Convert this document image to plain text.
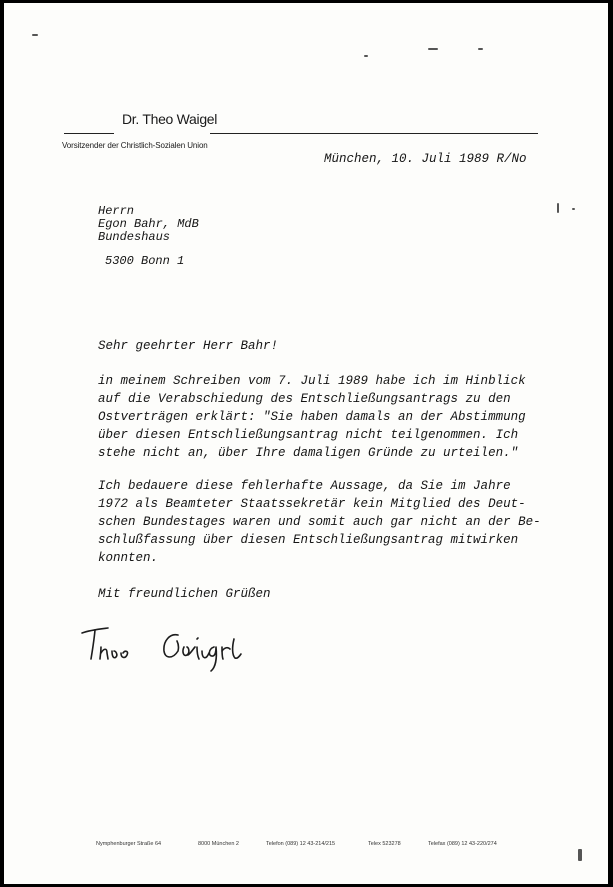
Dr. Theo Waigel
Vorsitzender der Christlich-Sozialen Union
München, 10. Juli 1989 R/No
Herrn
Egon Bahr, MdB
Bundeshaus
5300 Bonn 1
Sehr geehrter Herr Bahr!
in meinem Schreiben vom 7. Juli 1989 habe ich im Hinblick
auf die Verabschiedung des Entschließungsantrags zu den
Ostverträgen erklärt: "Sie haben damals an der Abstimmung
über diesen Entschließungsantrag nicht teilgenommen. Ich
stehe nicht an, über Ihre damaligen Gründe zu urteilen."
Ich bedauere diese fehlerhafte Aussage, da Sie im Jahre
1972 als Beamteter Staatssekretär kein Mitglied des Deut-
schen Bundestages waren und somit auch gar nicht an der Be-
schlußfassung über diesen Entschließungsantrag mitwirken
konnten.
Mit freundlichen Grüßen
Nymphenburger Straße 64	8000 München 2	Telefon (089) 12 43-214/215	Telex 523278	Telefax (089) 12 43-220/274
